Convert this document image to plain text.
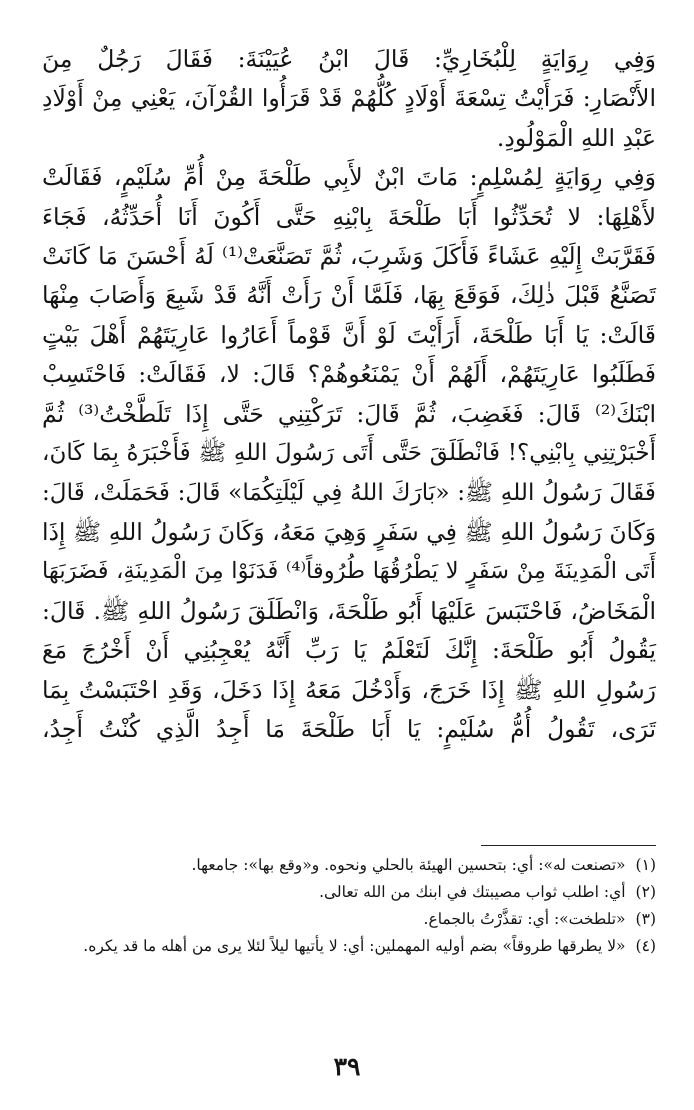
وَفِي رِوَايَةٍ لِلْبُخَارِيِّ: قَالَ ابْنُ عُيَيْنَةَ: فَقَالَ رَجُلٌ مِنَ
الأَنْصَارِ: فَرَأَيْتُ تِسْعَةَ أَوْلَادٍ كُلُّهُمْ قَدْ قَرَأُوا القُرْآنَ، يَعْنِي مِنْ أَوْلَادِ
عَبْدِ اللهِ الْمَوْلُودِ.
وَفِي رِوَايَةٍ لِمُسْلِمٍ: مَاتَ ابْنٌ لأَبِي طَلْحَةَ مِنْ أُمِّ سُلَيْمٍ، فَقَالَتْ
لأَهْلِهَا: لا تُحَدِّثُوا أَبَا طَلْحَةَ بِابْنِهِ حَتَّى أَكُونَ أَنَا أُحَدِّثُهُ، فَجَاءَ
فَقَرَّبَتْ إِلَيْهِ عَشَاءً فَأَكَلَ وَشَرِبَ، ثُمَّ تَصَنَّعَتْ⁽¹⁾ لَهُ أَحْسَنَ مَا كَانَتْ
تَصَنَّعُ قَبْلَ ذٰلِكَ، فَوَقَعَ بِهَا، فَلَمَّا أَنْ رَأَتْ أَنَّهُ قَدْ شَبِعَ وَأَصَابَ مِنْهَا
قَالَتْ: يَا أَبَا طَلْحَةَ، أَرَأَيْتَ لَوْ أَنَّ قَوْماً أَعَارُوا عَارِيَتَهُمْ أَهْلَ بَيْتٍ
فَطَلَبُوا عَارِيَتَهُمْ، أَلَهُمْ أَنْ يَمْنَعُوهُمْ؟ قَالَ: لا، فَقَالَتْ: فَاحْتَسِبْ
ابْنَكَ⁽²⁾ قَالَ: فَغَضِبَ، ثُمَّ قَالَ: تَرَكْتِنِي حَتَّى إِذَا تَلَطَّخْتُ⁽³⁾ ثُمَّ
أَخْبَرْتِنِي بِابْنِي؟! فَانْطَلَقَ حَتَّى أَتَى رَسُولَ اللهِ ﷺ فَأَخْبَرَهُ بِمَا كَانَ،
فَقَالَ رَسُولُ اللهِ ﷺ: «بَارَكَ اللهُ فِي لَيْلَتِكُمَا» قَالَ: فَحَمَلَتْ، قَالَ:
وَكَانَ رَسُولُ اللهِ ﷺ فِي سَفَرٍ وَهِيَ مَعَهُ، وَكَانَ رَسُولُ اللهِ ﷺ إِذَا
أَتَى الْمَدِينَةَ مِنْ سَفَرٍ لا يَطْرُقُهَا طُرُوقاً⁽⁴⁾ فَدَنَوْا مِنَ الْمَدِينَةِ، فَضَرَبَهَا
الْمَخَاضُ، فَاحْتَبَسَ عَلَيْهَا أَبُو طَلْحَةَ، وَانْطَلَقَ رَسُولُ اللهِ ﷺ. قَالَ:
يَقُولُ أَبُو طَلْحَةَ: إِنَّكَ لَتَعْلَمُ يَا رَبِّ أَنَّهُ يُعْجِبُنِي أَنْ أَخْرُجَ مَعَ
رَسُولِ اللهِ ﷺ إِذَا خَرَجَ، وَأَدْخُلَ مَعَهُ إِذَا دَخَلَ، وَقَدِ احْتَبَسْتُ بِمَا
تَرَى، تَقُولُ أُمُّ سُلَيْمٍ: يَا أَبَا طَلْحَةَ مَا أَجِدُ الَّذِي كُنْتُ أَجِدُ،
(١)
«تصنعت له»: أي: بتحسين الهيئة بالحلي ونحوه. و«وقع بها»: جامعها.
(٢)
أي: اطلب ثواب مصيبتك في ابنك من الله تعالى.
(٣)
«تلطخت»: أي: تقذَّرْتُ بالجماع.
(٤)
«لا يطرقها طروقاً» بضم أوليه المهملين: أي: لا يأتيها ليلاً لئلا يرى من أهله ما قد يكره.
٣٩
